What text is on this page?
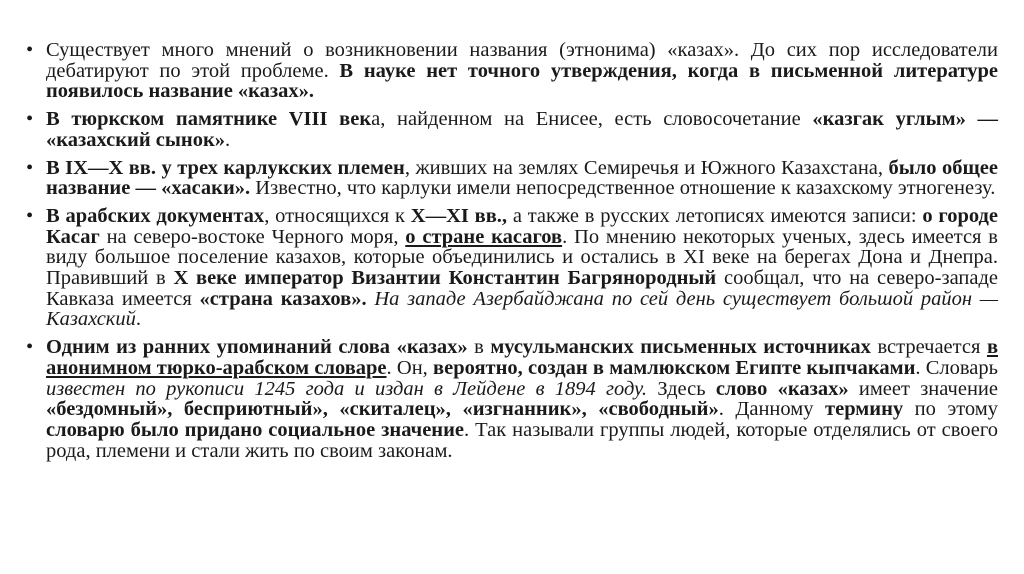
• Существует много мнений о возникновении названия (этнонима) «казах». До сих пор исследователи дебатируют по этой проблеме. В науке нет точного утверждения, когда в письменной литературе появилось название «казах».
• В тюркском памятнике VIII века, найденном на Енисее, есть словосочетание «казгак углым» — «казахский сынок».
• В IX—X вв. у трех карлукских племен, живших на землях Семиречья и Южного Казахстана, было общее название — «хасаки». Известно, что карлуки имели непосредственное отношение к казахскому этногенезу.
• В арабских документах, относящихся к X—XI вв., а также в русских летописях имеются записи: о городе Касаг на северо-востоке Черного моря, о стране касагов. По мнению некоторых ученых, здесь имеется в виду большое поселение казахов, которые объединились и остались в XI веке на берегах Дона и Днепра. Правивший в X веке император Византии Константин Багрянородный сообщал, что на северо-западе Кавказа имеется «страна казахов». На западе Азербайджана по сей день существует большой район — Казахский.
• Одним из ранних упоминаний слова «казах» в мусульманских письменных источниках встречается в анонимном тюрко-арабском словаре. Он, вероятно, создан в мамлюкском Египте кыпчаками. Словарь известен по рукописи 1245 года и издан в Лейдене в 1894 году. Здесь слово «казах» имеет значение «бездомный», бесприютный», «скиталец», «изгнанник», «свободный». Данному термину по этому словарю было придано социальное значение. Так называли группы людей, которые отделялись от своего рода, племени и стали жить по своим законам.
